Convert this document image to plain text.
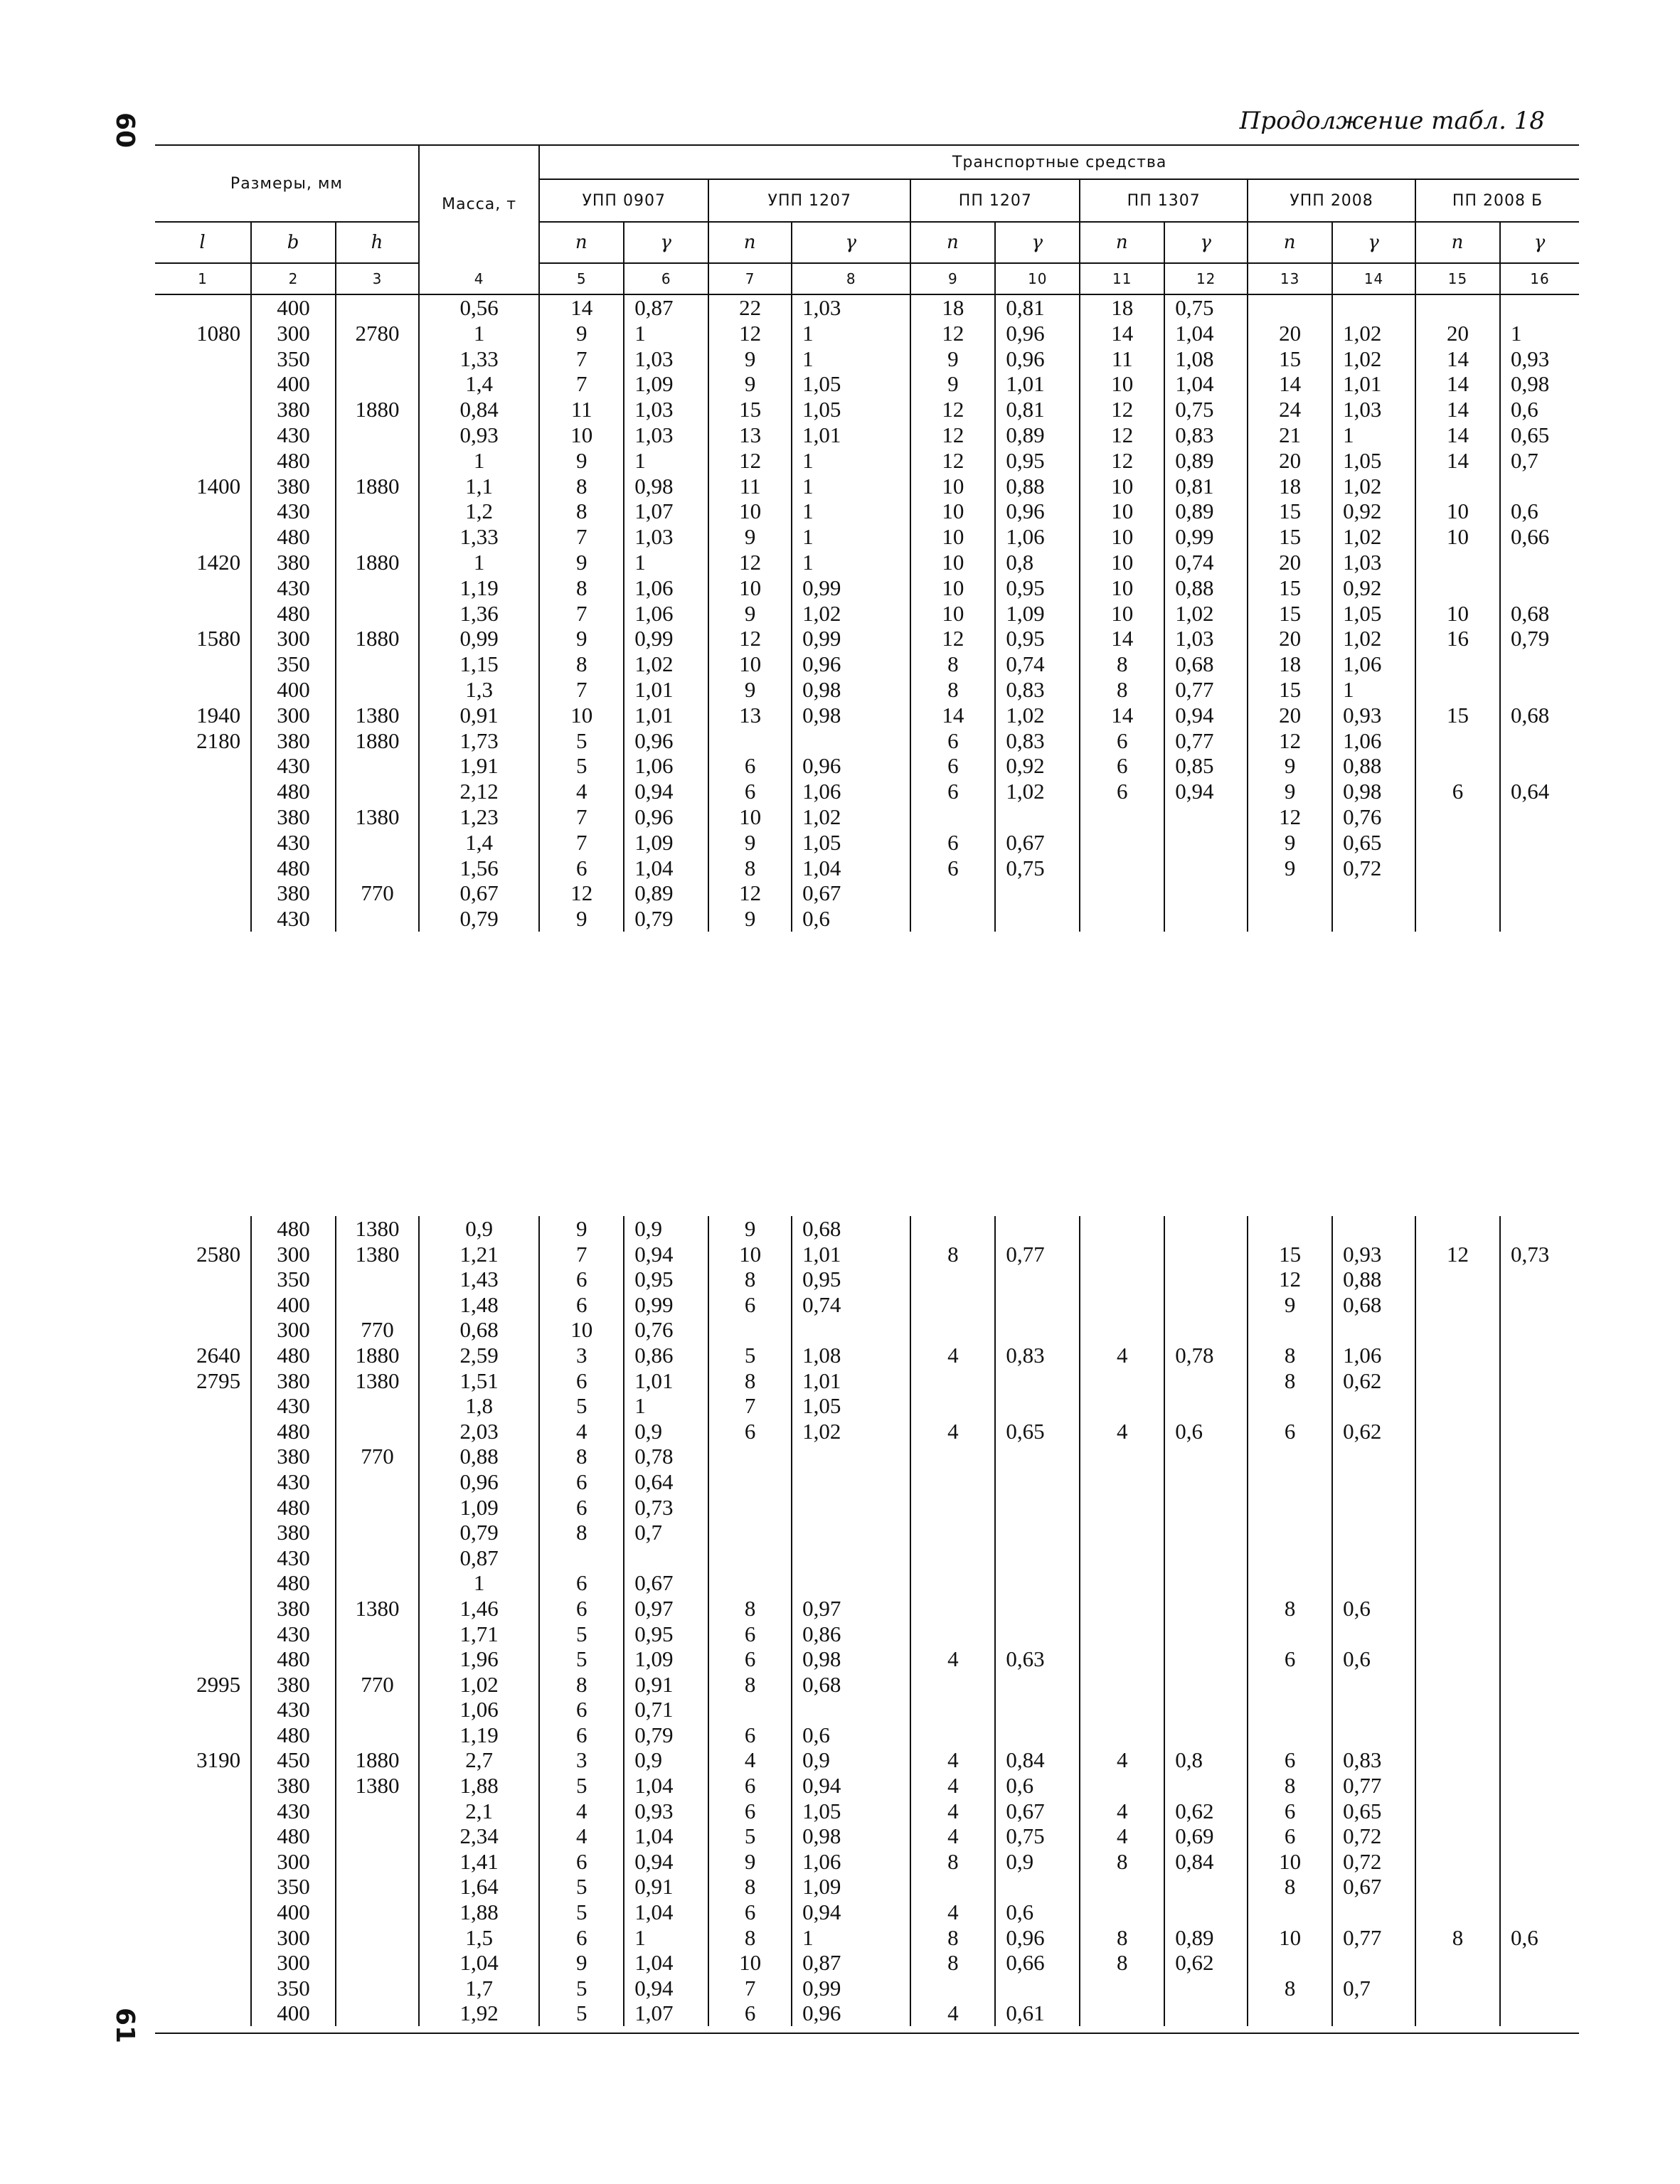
60	Продолжение табл. 18
Размеры, мм			Масса, т	Транспортные средства											
				УПП 0907		УПП 1207		ПП 1207		ПП 1307		УПП 2008		ПП 2008 Б	
l	b	h		n	γ	n	γ	n	γ	n	γ	n	γ	n	γ
1	2	3	4	5	6	7	8	9	10	11	12	13	14	15	16
	400		0,56	14	0,87	22	1,03	18	0,81	18	0,75				
1080	300	2780	1	9	1	12	1	12	0,96	14	1,04	20	1,02	20	1
	350		1,33	7	1,03	9	1	9	0,96	11	1,08	15	1,02	14	0,93
	400		1,4	7	1,09	9	1,05	9	1,01	10	1,04	14	1,01	14	0,98
	380	1880	0,84	11	1,03	15	1,05	12	0,81	12	0,75	24	1,03	14	0,6
	430		0,93	10	1,03	13	1,01	12	0,89	12	0,83	21	1	14	0,65
	480		1	9	1	12	1	12	0,95	12	0,89	20	1,05	14	0,7
1400	380	1880	1,1	8	0,98	11	1	10	0,88	10	0,81	18	1,02		
	430		1,2	8	1,07	10	1	10	0,96	10	0,89	15	0,92	10	0,6
	480		1,33	7	1,03	9	1	10	1,06	10	0,99	15	1,02	10	0,66
1420	380	1880	1	9	1	12	1	10	0,8	10	0,74	20	1,03		
	430		1,19	8	1,06	10	0,99	10	0,95	10	0,88	15	0,92		
	480		1,36	7	1,06	9	1,02	10	1,09	10	1,02	15	1,05	10	0,68
1580	300	1880	0,99	9	0,99	12	0,99	12	0,95	14	1,03	20	1,02	16	0,79
	350		1,15	8	1,02	10	0,96	8	0,74	8	0,68	18	1,06		
	400		1,3	7	1,01	9	0,98	8	0,83	8	0,77	15	1		
1940	300	1380	0,91	10	1,01	13	0,98	14	1,02	14	0,94	20	0,93	15	0,68
2180	380	1880	1,73	5	0,96			6	0,83	6	0,77	12	1,06		
	430		1,91	5	1,06	6	0,96	6	0,92	6	0,85	9	0,88		
	480		2,12	4	0,94	6	1,06	6	1,02	6	0,94	9	0,98	6	0,64
	380	1380	1,23	7	0,96	10	1,02					12	0,76		
	430		1,4	7	1,09	9	1,05	6	0,67			9	0,65		
	480		1,56	6	1,04	8	1,04	6	0,75			9	0,72		
	380	770	0,67	12	0,89	12	0,67								
	430		0,79	9	0,79	9	0,6								
	480	1380	0,9	9	0,9	9	0,68								
2580	300	1380	1,21	7	0,94	10	1,01	8	0,77			15	0,93	12	0,73
	350		1,43	6	0,95	8	0,95					12	0,88		
	400		1,48	6	0,99	6	0,74					9	0,68		
	300	770	0,68	10	0,76										
2640	480	1880	2,59	3	0,86	5	1,08	4	0,83	4	0,78	8	1,06		
2795	380	1380	1,51	6	1,01	8	1,01					8	0,62		
	430		1,8	5	1	7	1,05								
	480		2,03	4	0,9	6	1,02	4	0,65	4	0,6	6	0,62		
	380	770	0,88	8	0,78										
	430		0,96	6	0,64										
	480		1,09	6	0,73										
	380		0,79	8	0,7										
	430		0,87												
	480		1	6	0,67										
	380	1380	1,46	6	0,97	8	0,97					8	0,6		
	430		1,71	5	0,95	6	0,86								
	480		1,96	5	1,09	6	0,98	4	0,63			6	0,6		
2995	380	770	1,02	8	0,91	8	0,68								
	430		1,06	6	0,71										
	480		1,19	6	0,79	6	0,6								
3190	450	1880	2,7	3	0,9	4	0,9	4	0,84	4	0,8	6	0,83		
	380	1380	1,88	5	1,04	6	0,94	4	0,6			8	0,77		
	430		2,1	4	0,93	6	1,05	4	0,67	4	0,62	6	0,65		
	480		2,34	4	1,04	5	0,98	4	0,75	4	0,69	6	0,72		
	300		1,41	6	0,94	9	1,06	8	0,9	8	0,84	10	0,72		
	350		1,64	5	0,91	8	1,09					8	0,67		
	400		1,88	5	1,04	6	0,94	4	0,6						
	300		1,5	6	1	8	1	8	0,96	8	0,89	10	0,77	8	0,6
	300		1,04	9	1,04	10	0,87	8	0,66	8	0,62				
	350		1,7	5	0,94	7	0,99					8	0,7		
	400		1,92	5	1,07	6	0,96	4	0,61						
61
